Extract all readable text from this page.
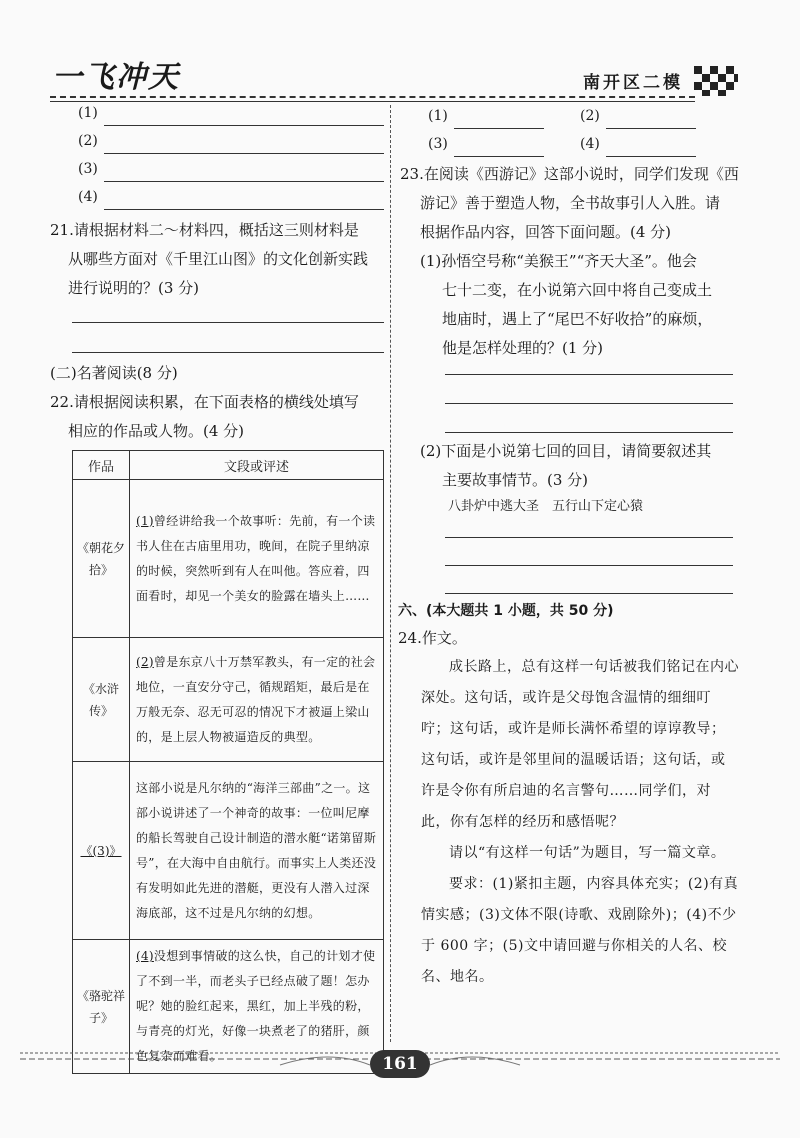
一飞冲天	南开区二模
(1)
(2)
(3)
(4)
21.请根据材料二～材料四，概括这三则材料是
从哪些方面对《千里江山图》的文化创新实践
进行说明的？(3 分)
(二)名著阅读(8 分)
22.请根据阅读积累，在下面表格的横线处填写
相应的作品或人物。(4 分)
作品	文段或评述
《朝花夕拾》	(1)曾经讲给我一个故事听：先前，有一个读书人住在古庙里用功，晚间，在院子里纳凉的时候，突然听到有人在叫他。答应着，四面看时，却见一个美女的脸露在墙头上……
《水浒传》	(2)曾是东京八十万禁军教头，有一定的社会地位，一直安分守己，循规蹈矩，最后是在万般无奈、忍无可忍的情况下才被逼上梁山的，是上层人物被逼造反的典型。
《(3)》	这部小说是凡尔纳的“海洋三部曲”之一。这部小说讲述了一个神奇的故事：一位叫尼摩的船长驾驶自己设计制造的潜水艇“诺第留斯号”，在大海中自由航行。而事实上人类还没有发明如此先进的潜艇，更没有人潜入过深海底部，这不过是凡尔纳的幻想。
《骆驼祥子》	(4)没想到事情破的这么快，自己的计划才使了不到一半，而老头子已经点破了题！怎办呢？她的脸红起来，黑红，加上半残的粉，与青亮的灯光，好像一块煮老了的猪肝，颜色复杂而难看。
(1)	(2)
(3)	(4)
23.在阅读《西游记》这部小说时，同学们发现《西
游记》善于塑造人物，全书故事引人入胜。请
根据作品内容，回答下面问题。(4 分)
(1)孙悟空号称“美猴王”“齐天大圣”。他会
七十二变，在小说第六回中将自己变成土
地庙时，遇上了“尾巴不好收拾”的麻烦，
他是怎样处理的？(1 分)
(2)下面是小说第七回的回目，请简要叙述其
主要故事情节。(3 分)
八卦炉中逃大圣　五行山下定心猿
六、(本大题共 1 小题，共 50 分)
24.作文。
成长路上，总有这样一句话被我们铭记在内心深处。这句话，或许是父母饱含温情的细细叮咛；这句话，或许是师长满怀希望的谆谆教导；这句话，或许是邻里间的温暖话语；这句话，或许是令你有所启迪的名言警句……同学们，对此，你有怎样的经历和感悟呢？
请以“有这样一句话”为题目，写一篇文章。
要求：(1)紧扣主题，内容具体充实；(2)有真情实感；(3)文体不限(诗歌、戏剧除外)；(4)不少于 600 字；(5)文中请回避与你相关的人名、校名、地名。
161
